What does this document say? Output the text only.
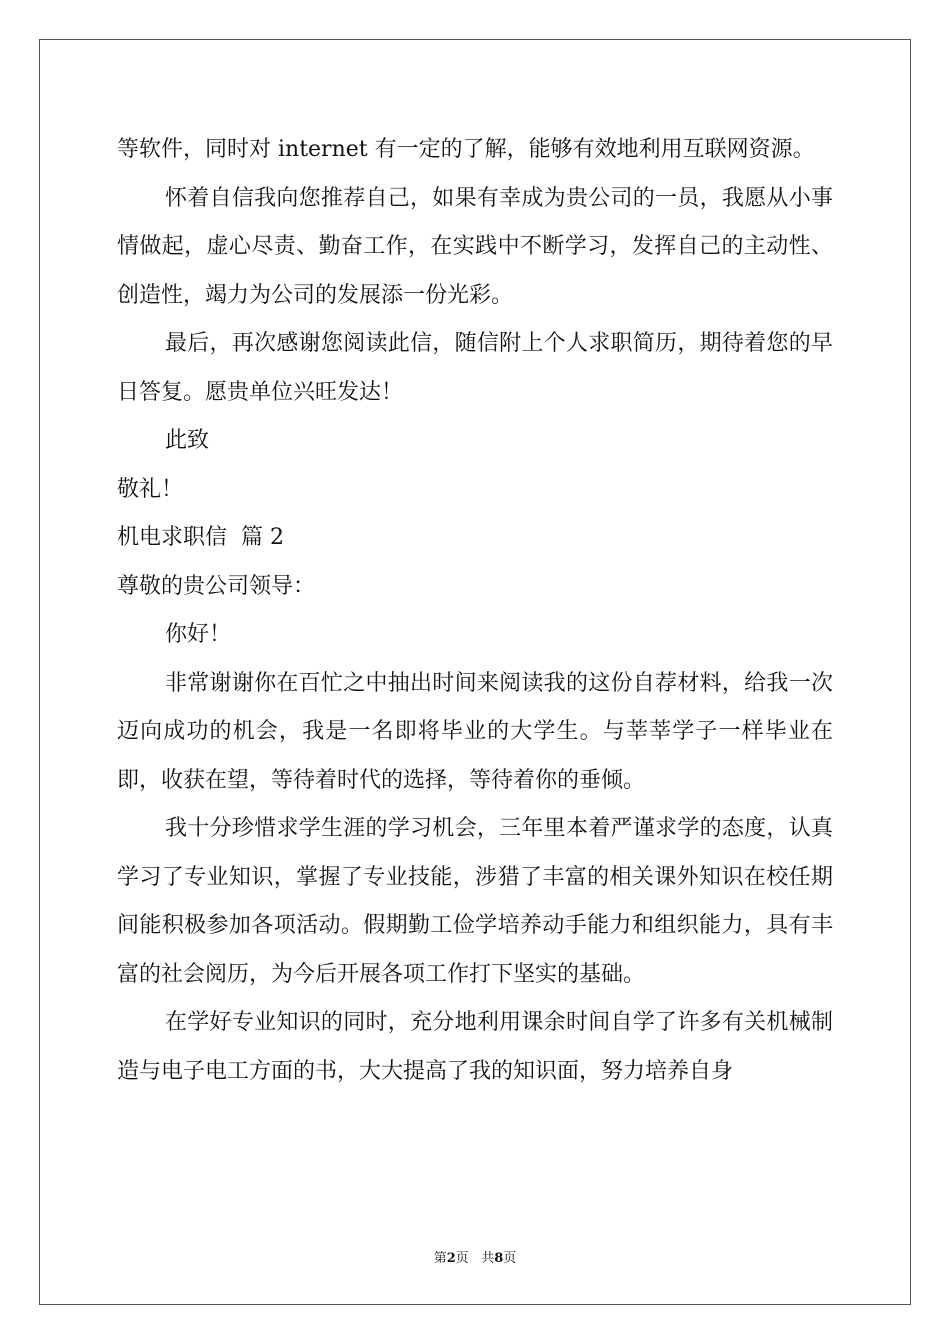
等软件，同时对 internet 有一定的了解，能够有效地利用互联网资源。

怀着自信我向您推荐自己，如果有幸成为贵公司的一员，我愿从小事情做起，虚心尽责、勤奋工作，在实践中不断学习，发挥自己的主动性、创造性，竭力为公司的发展添一份光彩。

最后，再次感谢您阅读此信，随信附上个人求职简历，期待着您的早日答复。愿贵单位兴旺发达！

此致

敬礼！

机电求职信  篇 2

尊敬的贵公司领导：

你好！

非常谢谢你在百忙之中抽出时间来阅读我的这份自荐材料，给我一次迈向成功的机会，我是一名即将毕业的大学生。与莘莘学子一样毕业在即，收获在望，等待着时代的选择，等待着你的垂倾。

我十分珍惜求学生涯的学习机会，三年里本着严谨求学的态度，认真学习了专业知识，掌握了专业技能，涉猎了丰富的相关课外知识在校任期间能积极参加各项活动。假期勤工俭学培养动手能力和组织能力，具有丰富的社会阅历，为今后开展各项工作打下坚实的基础。

在学好专业知识的同时，充分地利用课余时间自学了许多有关机械制造与电子电工方面的书，大大提高了我的知识面，努力培养自身

第2页 共8页
